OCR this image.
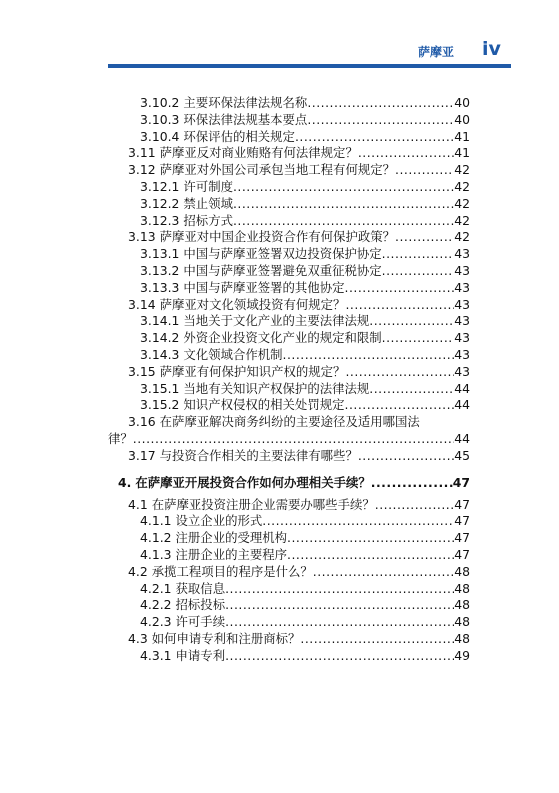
萨摩亚 iv
3.10.2 主要环保法律法规名称 .....	40
3.10.3 环保法律法规基本要点 .....	40
3.10.4 环保评估的相关规定 .....	41
3.11 萨摩亚反对商业贿赂有何法律规定？ .....	41
3.12 萨摩亚对外国公司承包当地工程有何规定？ .....	42
3.12.1 许可制度 .....	42
3.12.2 禁止领域 .....	42
3.12.3 招标方式 .....	42
3.13 萨摩亚对中国企业投资合作有何保护政策？ .....	42
3.13.1 中国与萨摩亚签署双边投资保护协定 .....	43
3.13.2 中国与萨摩亚签署避免双重征税协定 .....	43
3.13.3 中国与萨摩亚签署的其他协定 .....	43
3.14 萨摩亚对文化领域投资有何规定？ .....	43
3.14.1 当地关于文化产业的主要法律法规 .....	43
3.14.2 外资企业投资文化产业的规定和限制 .....	43
3.14.3 文化领域合作机制 .....	43
3.15 萨摩亚有何保护知识产权的规定？ .....	43
3.15.1 当地有关知识产权保护的法律法规 .....	44
3.15.2 知识产权侵权的相关处罚规定 .....	44
3.16 在萨摩亚解决商务纠纷的主要途径及适用哪国法
律？ .....	44
3.17 与投资合作相关的主要法律有哪些？ .....	45
4. 在萨摩亚开展投资合作如何办理相关手续？ .....	47
4.1 在萨摩亚投资注册企业需要办哪些手续？ .....	47
4.1.1 设立企业的形式 .....	47
4.1.2 注册企业的受理机构 .....	47
4.1.3 注册企业的主要程序 .....	47
4.2 承揽工程项目的程序是什么？ .....	48
4.2.1 获取信息 .....	48
4.2.2 招标投标 .....	48
4.2.3 许可手续 .....	48
4.3 如何申请专利和注册商标？ .....	48
4.3.1 申请专利 .....	49
